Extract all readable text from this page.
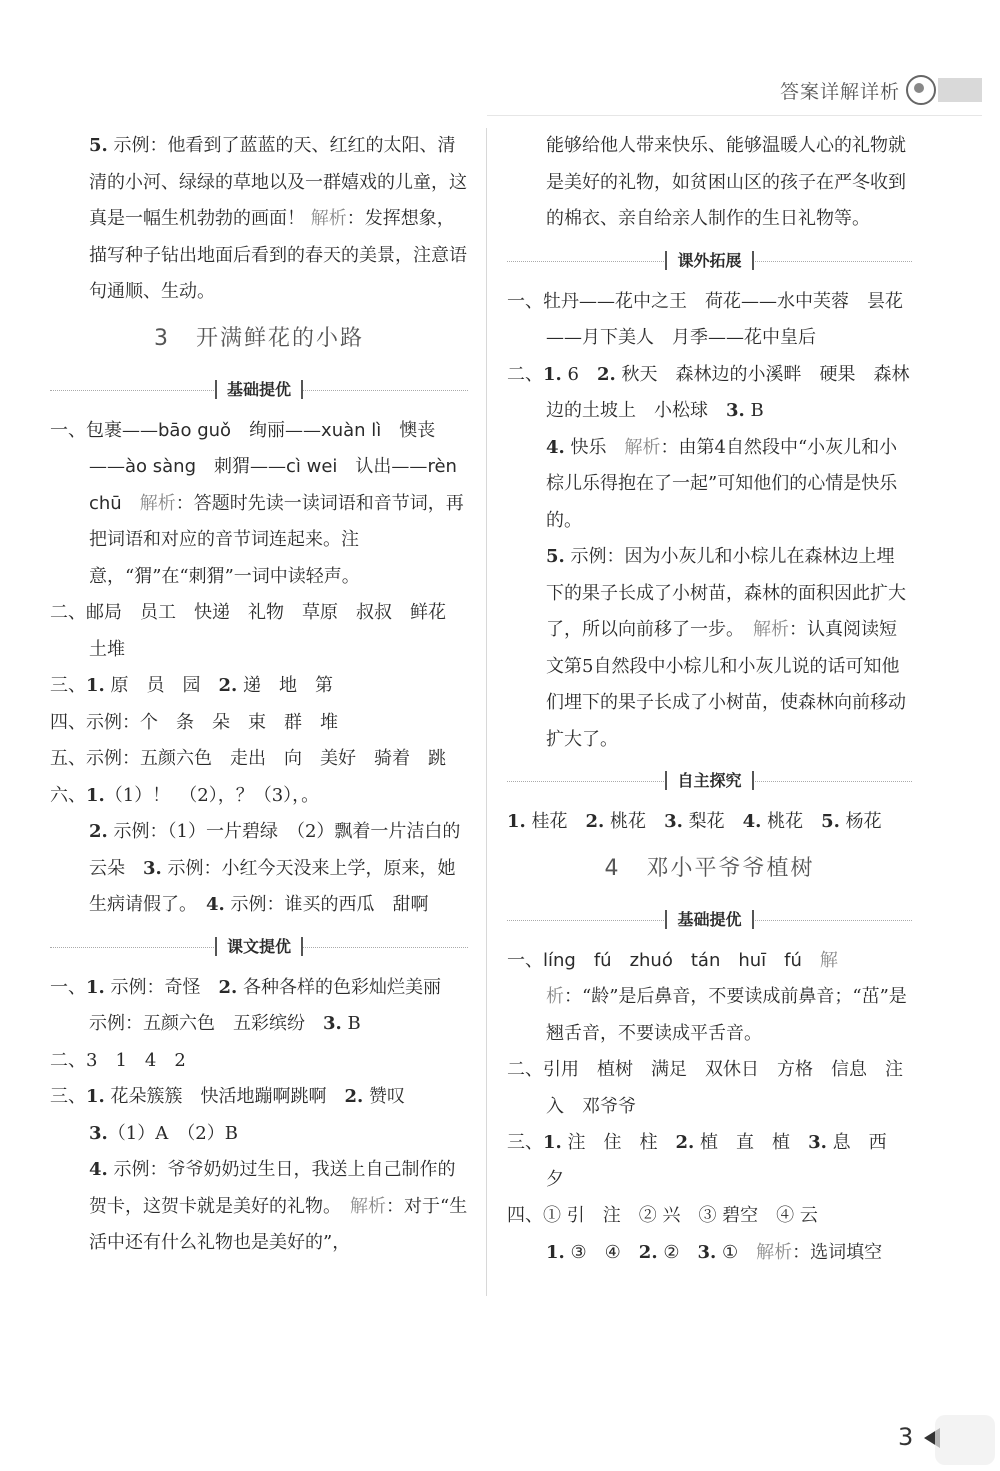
答案详解详析

5. 示例：他看到了蓝蓝的天、红红的太阳、清清的小河、绿绿的草地以及一群嬉戏的儿童，这真是一幅生机勃勃的画面！ 解析：发挥想象，描写种子钻出地面后看到的春天的美景，注意语句通顺、生动。

3 开满鲜花的小路
基础提优

一、包裹——bāo guǒ　绚丽——xuàn lì　懊丧——ào sàng　刺猬——cì wei　认出——rèn chū　 解析：答题时先读一读词语和音节词，再把词语和对应的音节词连起来。注意，“猬”在“刺猬”一词中读轻声。

二、邮局　员工　快递　礼物　草原　叔叔　鲜花　土堆

三、1. 原　员　园　2. 递　地　第

四、示例：个　条　朵　束　群　堆

五、示例：五颜六色　走出　向　美好　骑着　跳

六、1.（1）！　（2），？（3），。

2. 示例：（1）一片碧绿　（2）飘着一片洁白的云朵　3. 示例：小红今天没来上学，原来，她生病请假了。　4. 示例：谁买的西瓜　甜啊

课文提优

一、1. 示例：奇怪　2. 各种各样的色彩灿烂美丽　示例：五颜六色　五彩缤纷　3. B

二、3　1　4　2

三、1. 花朵簇簇　快活地蹦啊跳啊　2. 赞叹

3.（1）A　（2）B

4. 示例：爷爷奶奶过生日，我送上自己制作的贺卡，这贺卡就是美好的礼物。　解析：对于“生活中还有什么礼物也是美好的”，

能够给他人带来快乐、能够温暖人心的礼物就是美好的礼物，如贫困山区的孩子在严冬收到的棉衣、亲自给亲人制作的生日礼物等。

课外拓展

一、牡丹——花中之王　荷花——水中芙蓉　昙花——月下美人　月季——花中皇后

二、1. 6　2. 秋天　森林边的小溪畔　硬果　森林边的土坡上　小松球　3. B

4. 快乐　解析：由第4自然段中“小灰儿和小棕儿乐得抱在了一起”可知他们的心情是快乐的。

5. 示例：因为小灰儿和小棕儿在森林边上埋下的果子长成了小树苗，森林的面积因此扩大了，所以向前移了一步。　解析：认真阅读短文第5自然段中小棕儿和小灰儿说的话可知他们埋下的果子长成了小树苗，使森林向前移动扩大了。

自主探究

1. 桂花　2. 桃花　3. 梨花　4. 桃花　5. 杨花

4 邓小平爷爷植树
基础提优

一、líng　fú　zhuó　tán　huī　fú　 解析：“龄”是后鼻音，不要读成前鼻音；“茁”是翘舌音，不要读成平舌音。

二、引用　植树　满足　双休日　方格　信息　注入　邓爷爷

三、1. 注　住　柱　2. 植　直　植　3. 息　西　夕

四、① 引　注　② 兴　③ 碧空　④ 云

1. ③　④　2. ②　3. ①　解析：选词填空

3
